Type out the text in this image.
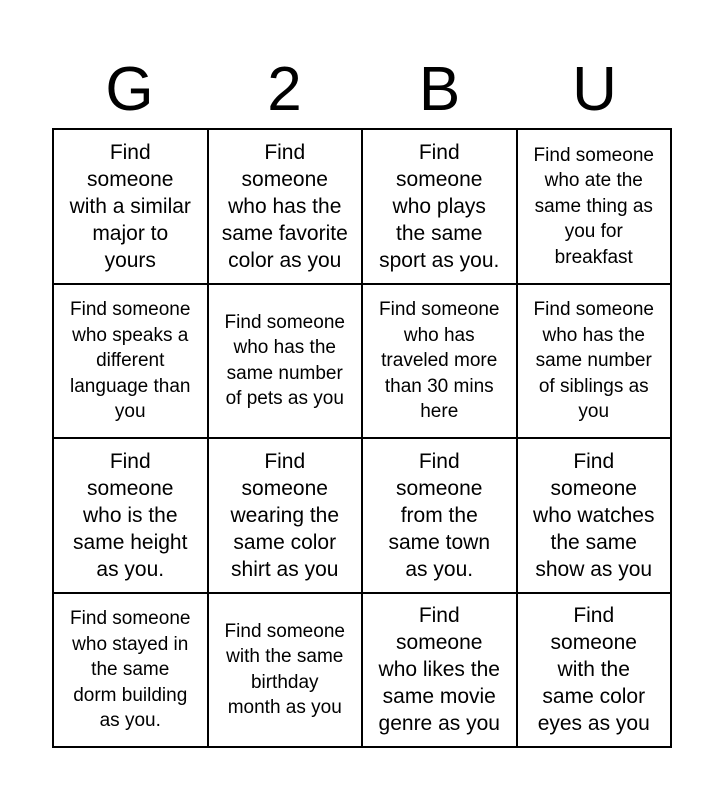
G	2	B	U
Find
someone
with a similar
major to
yours
Find
someone
who has the
same favorite
color as you
Find
someone
who plays
the same
sport as you.
Find someone
who ate the
same thing as
you for
breakfast
Find someone
who speaks a
different
language than
you
Find someone
who has the
same number
of pets as you
Find someone
who has
traveled more
than 30 mins
here
Find someone
who has the
same number
of siblings as
you
Find
someone
who is the
same height
as you.
Find
someone
wearing the
same color
shirt as you
Find
someone
from the
same town
as you.
Find
someone
who watches
the same
show as you
Find someone
who stayed in
the same
dorm building
as you.
Find someone
with the same
birthday
month as you
Find
someone
who likes the
same movie
genre as you
Find
someone
with the
same color
eyes as you
